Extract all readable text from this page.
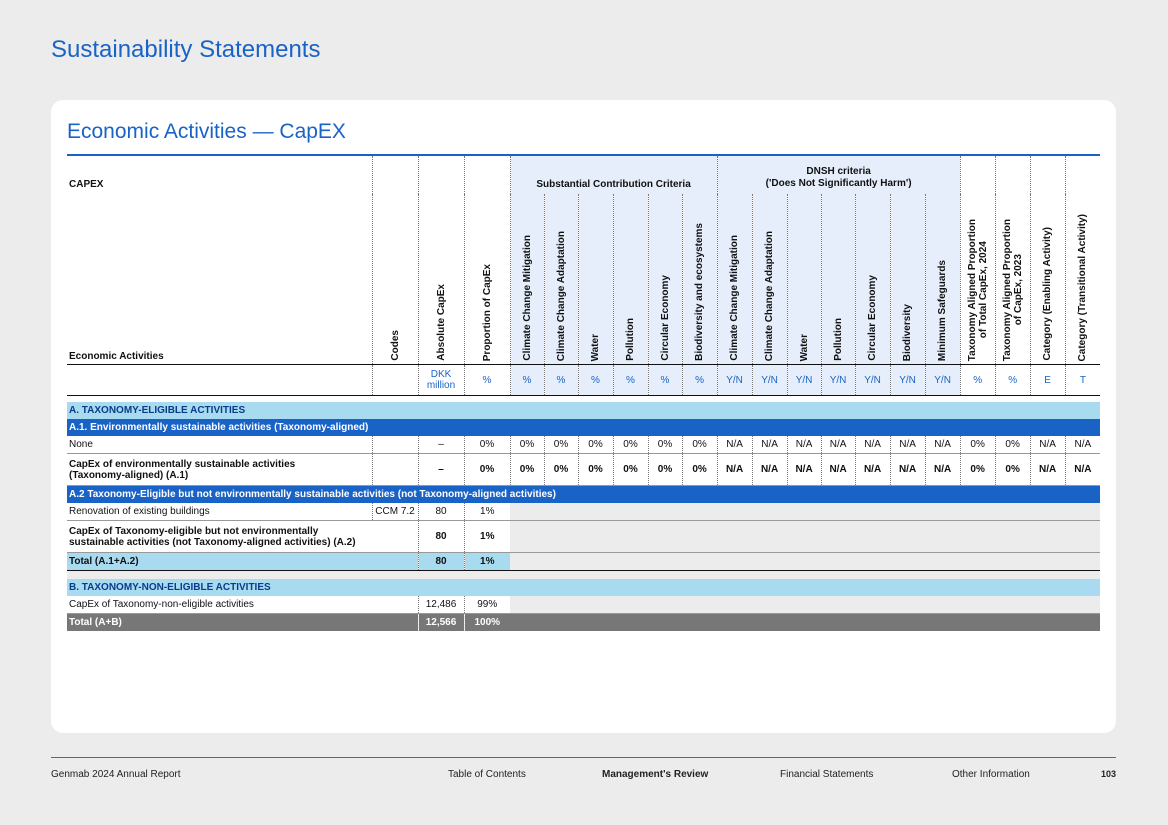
Sustainability Statements
Economic Activities — CapEX
CAPEX				Substantial Contribution Criteria						DNSH criteria
('Does Not Significantly Harm')										
Economic Activities	Codes	Absolute CapEx	Proportion of CapEx	Climate Change Mitigation	Climate Change Adaptation	Water	Pollution	Circular Economy	Biodiversity and ecosystems	Climate Change Mitigation	Climate Change Adaptation	Water	Pollution	Circular Economy	Biodiversity	Minimum Safeguards	Taxonomy Aligned Proportion
of Total CapEx, 2024	Taxonomy Aligned Proportion
of CapEx, 2023	Category (Enabling Activity)	Category (Transitional Activity)
		DKK
million	%	%	%	%	%	%	%	Y/N	Y/N	Y/N	Y/N	Y/N	Y/N	Y/N	%	%	E	T

A. TAXONOMY-ELIGIBLE ACTIVITIES																				
A.1. Environmentally sustainable activities (Taxonomy-aligned)																				
None		–	0%	0%	0%	0%	0%	0%	0%	N/A	N/A	N/A	N/A	N/A	N/A	N/A	0%	0%	N/A	N/A
CapEx of environmentally sustainable activities
(Taxonomy-aligned) (A.1)		–	0%	0%	0%	0%	0%	0%	0%	N/A	N/A	N/A	N/A	N/A	N/A	N/A	0%	0%	N/A	N/A
A.2 Taxonomy-Eligible but not environmentally sustainable activities (not Taxonomy-aligned activities)																				
Renovation of existing buildings	CCM 7.2	80	1%																	
CapEx of Taxonomy-eligible but not environmentally
sustainable activities (not Taxonomy-aligned activities) (A.2)		80	1%																	
Total (A.1+A.2)		80	1%																	

B. TAXONOMY-NON-ELIGIBLE ACTIVITIES																				
CapEx of Taxonomy-non-eligible activities		12,486	99%																	
Total (A+B)		12,566	100%																	
Genmab 2024 Annual Report	Table of Contents	Management's Review	Financial Statements	Other Information	103
